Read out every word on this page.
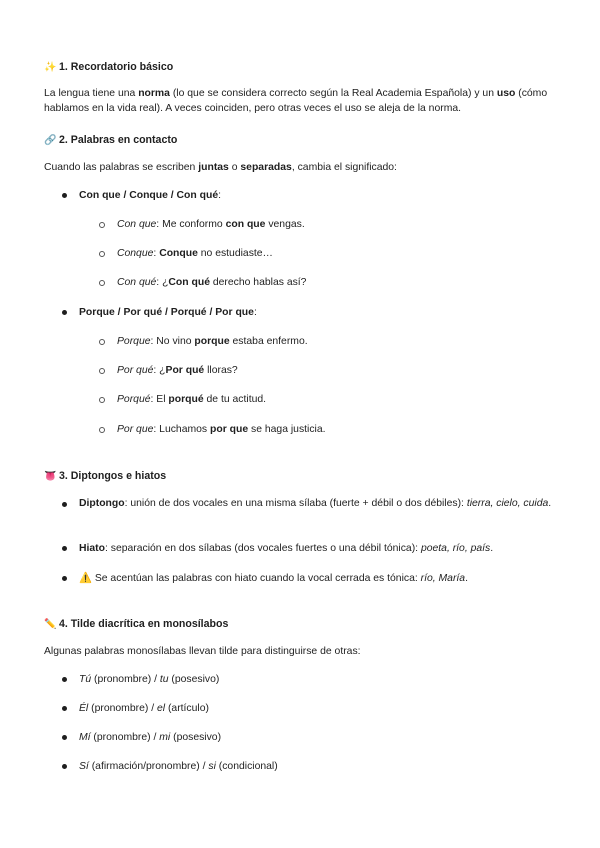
✨ 1. Recordatorio básico
La lengua tiene una norma (lo que se considera correcto según la Real Academia Española) y un uso (cómo hablamos en la vida real). A veces coinciden, pero otras veces el uso se aleja de la norma.
🔗 2. Palabras en contacto
Cuando las palabras se escriben juntas o separadas, cambia el significado:
Con que / Conque / Con qué:
Con que: Me conformo con que vengas.
Conque: Conque no estudiaste…
Con qué: ¿Con qué derecho hablas así?
Porque / Por qué / Porqué / Por que:
Porque: No vino porque estaba enfermo.
Por qué: ¿Por qué lloras?
Porqué: El porqué de tu actitud.
Por que: Luchamos por que se haga justicia.
👅 3. Diptongos e hiatos
Diptongo: unión de dos vocales en una misma sílaba (fuerte + débil o dos débiles): tierra, cielo, cuida.
Hiato: separación en dos sílabas (dos vocales fuertes o una débil tónica): poeta, río, país.
⚠️ Se acentúan las palabras con hiato cuando la vocal cerrada es tónica: río, María.
✏️ 4. Tilde diacrítica en monosílabos
Algunas palabras monosílabas llevan tilde para distinguirse de otras:
Tú (pronombre) / tu (posesivo)
Él (pronombre) / el (artículo)
Mí (pronombre) / mi (posesivo)
Sí (afirmación/pronombre) / si (condicional)
